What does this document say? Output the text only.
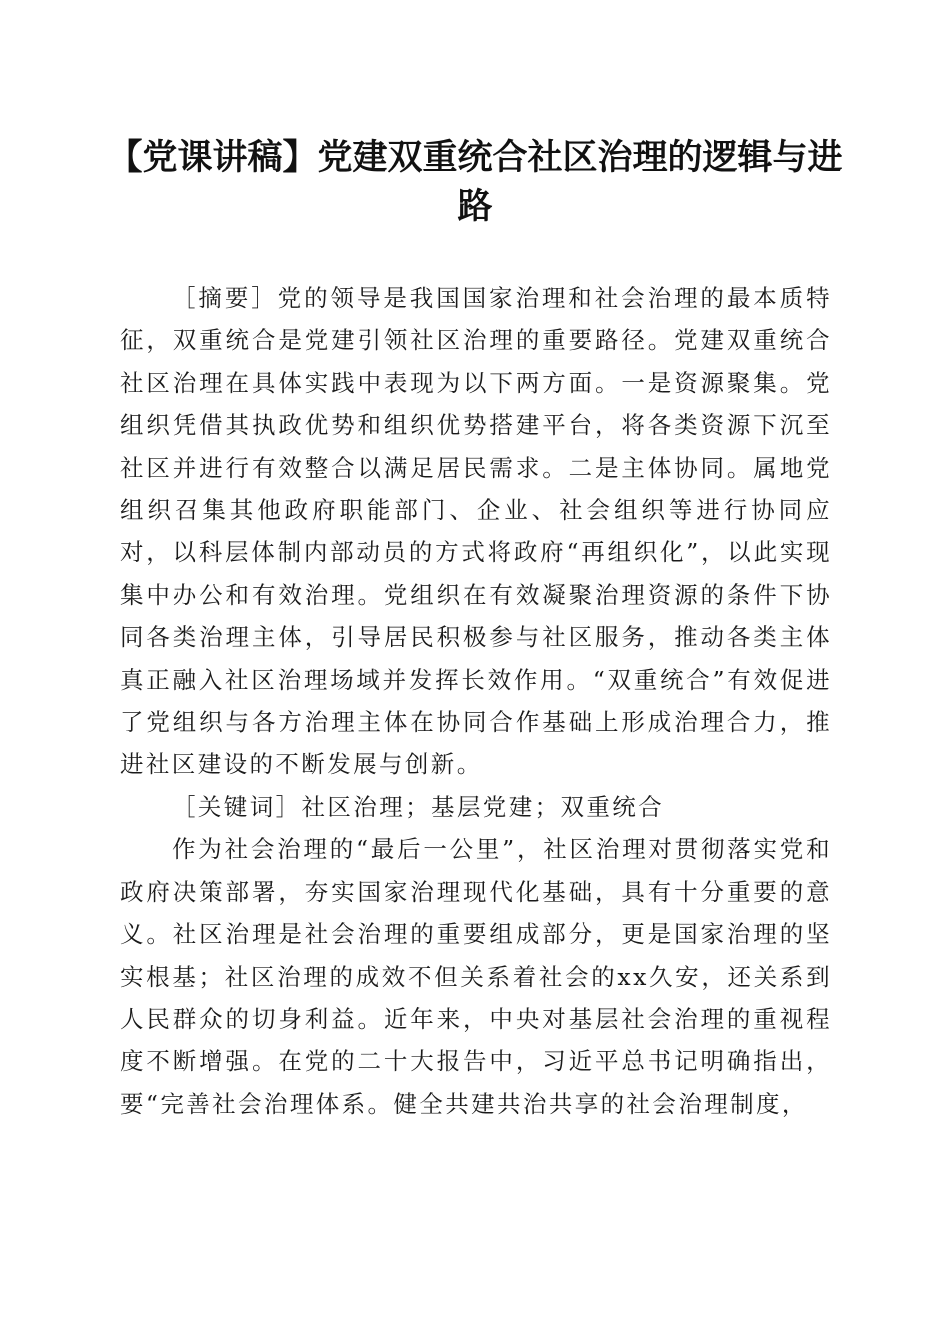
【党课讲稿】党建双重统合社区治理的逻辑与进路

［摘要］党的领导是我国国家治理和社会治理的最本质特征，双重统合是党建引领社区治理的重要路径。党建双重统合社区治理在具体实践中表现为以下两方面。一是资源聚集。党组织凭借其执政优势和组织优势搭建平台，将各类资源下沉至社区并进行有效整合以满足居民需求。二是主体协同。属地党组织召集其他政府职能部门、企业、社会组织等进行协同应对，以科层体制内部动员的方式将政府“再组织化”，以此实现集中办公和有效治理。党组织在有效凝聚治理资源的条件下协同各类治理主体，引导居民积极参与社区服务，推动各类主体真正融入社区治理场域并发挥长效作用。“双重统合”有效促进了党组织与各方治理主体在协同合作基础上形成治理合力，推进社区建设的不断发展与创新。

［关键词］社区治理；基层党建；双重统合

作为社会治理的“最后一公里”，社区治理对贯彻落实党和政府决策部署，夯实国家治理现代化基础，具有十分重要的意义。社区治理是社会治理的重要组成部分，更是国家治理的坚实根基；社区治理的成效不但关系着社会的xx久安，还关系到人民群众的切身利益。近年来，中央对基层社会治理的重视程度不断增强。在党的二十大报告中，习近平总书记明确指出，要“完善社会治理体系。健全共建共治共享的社会治理制度，
